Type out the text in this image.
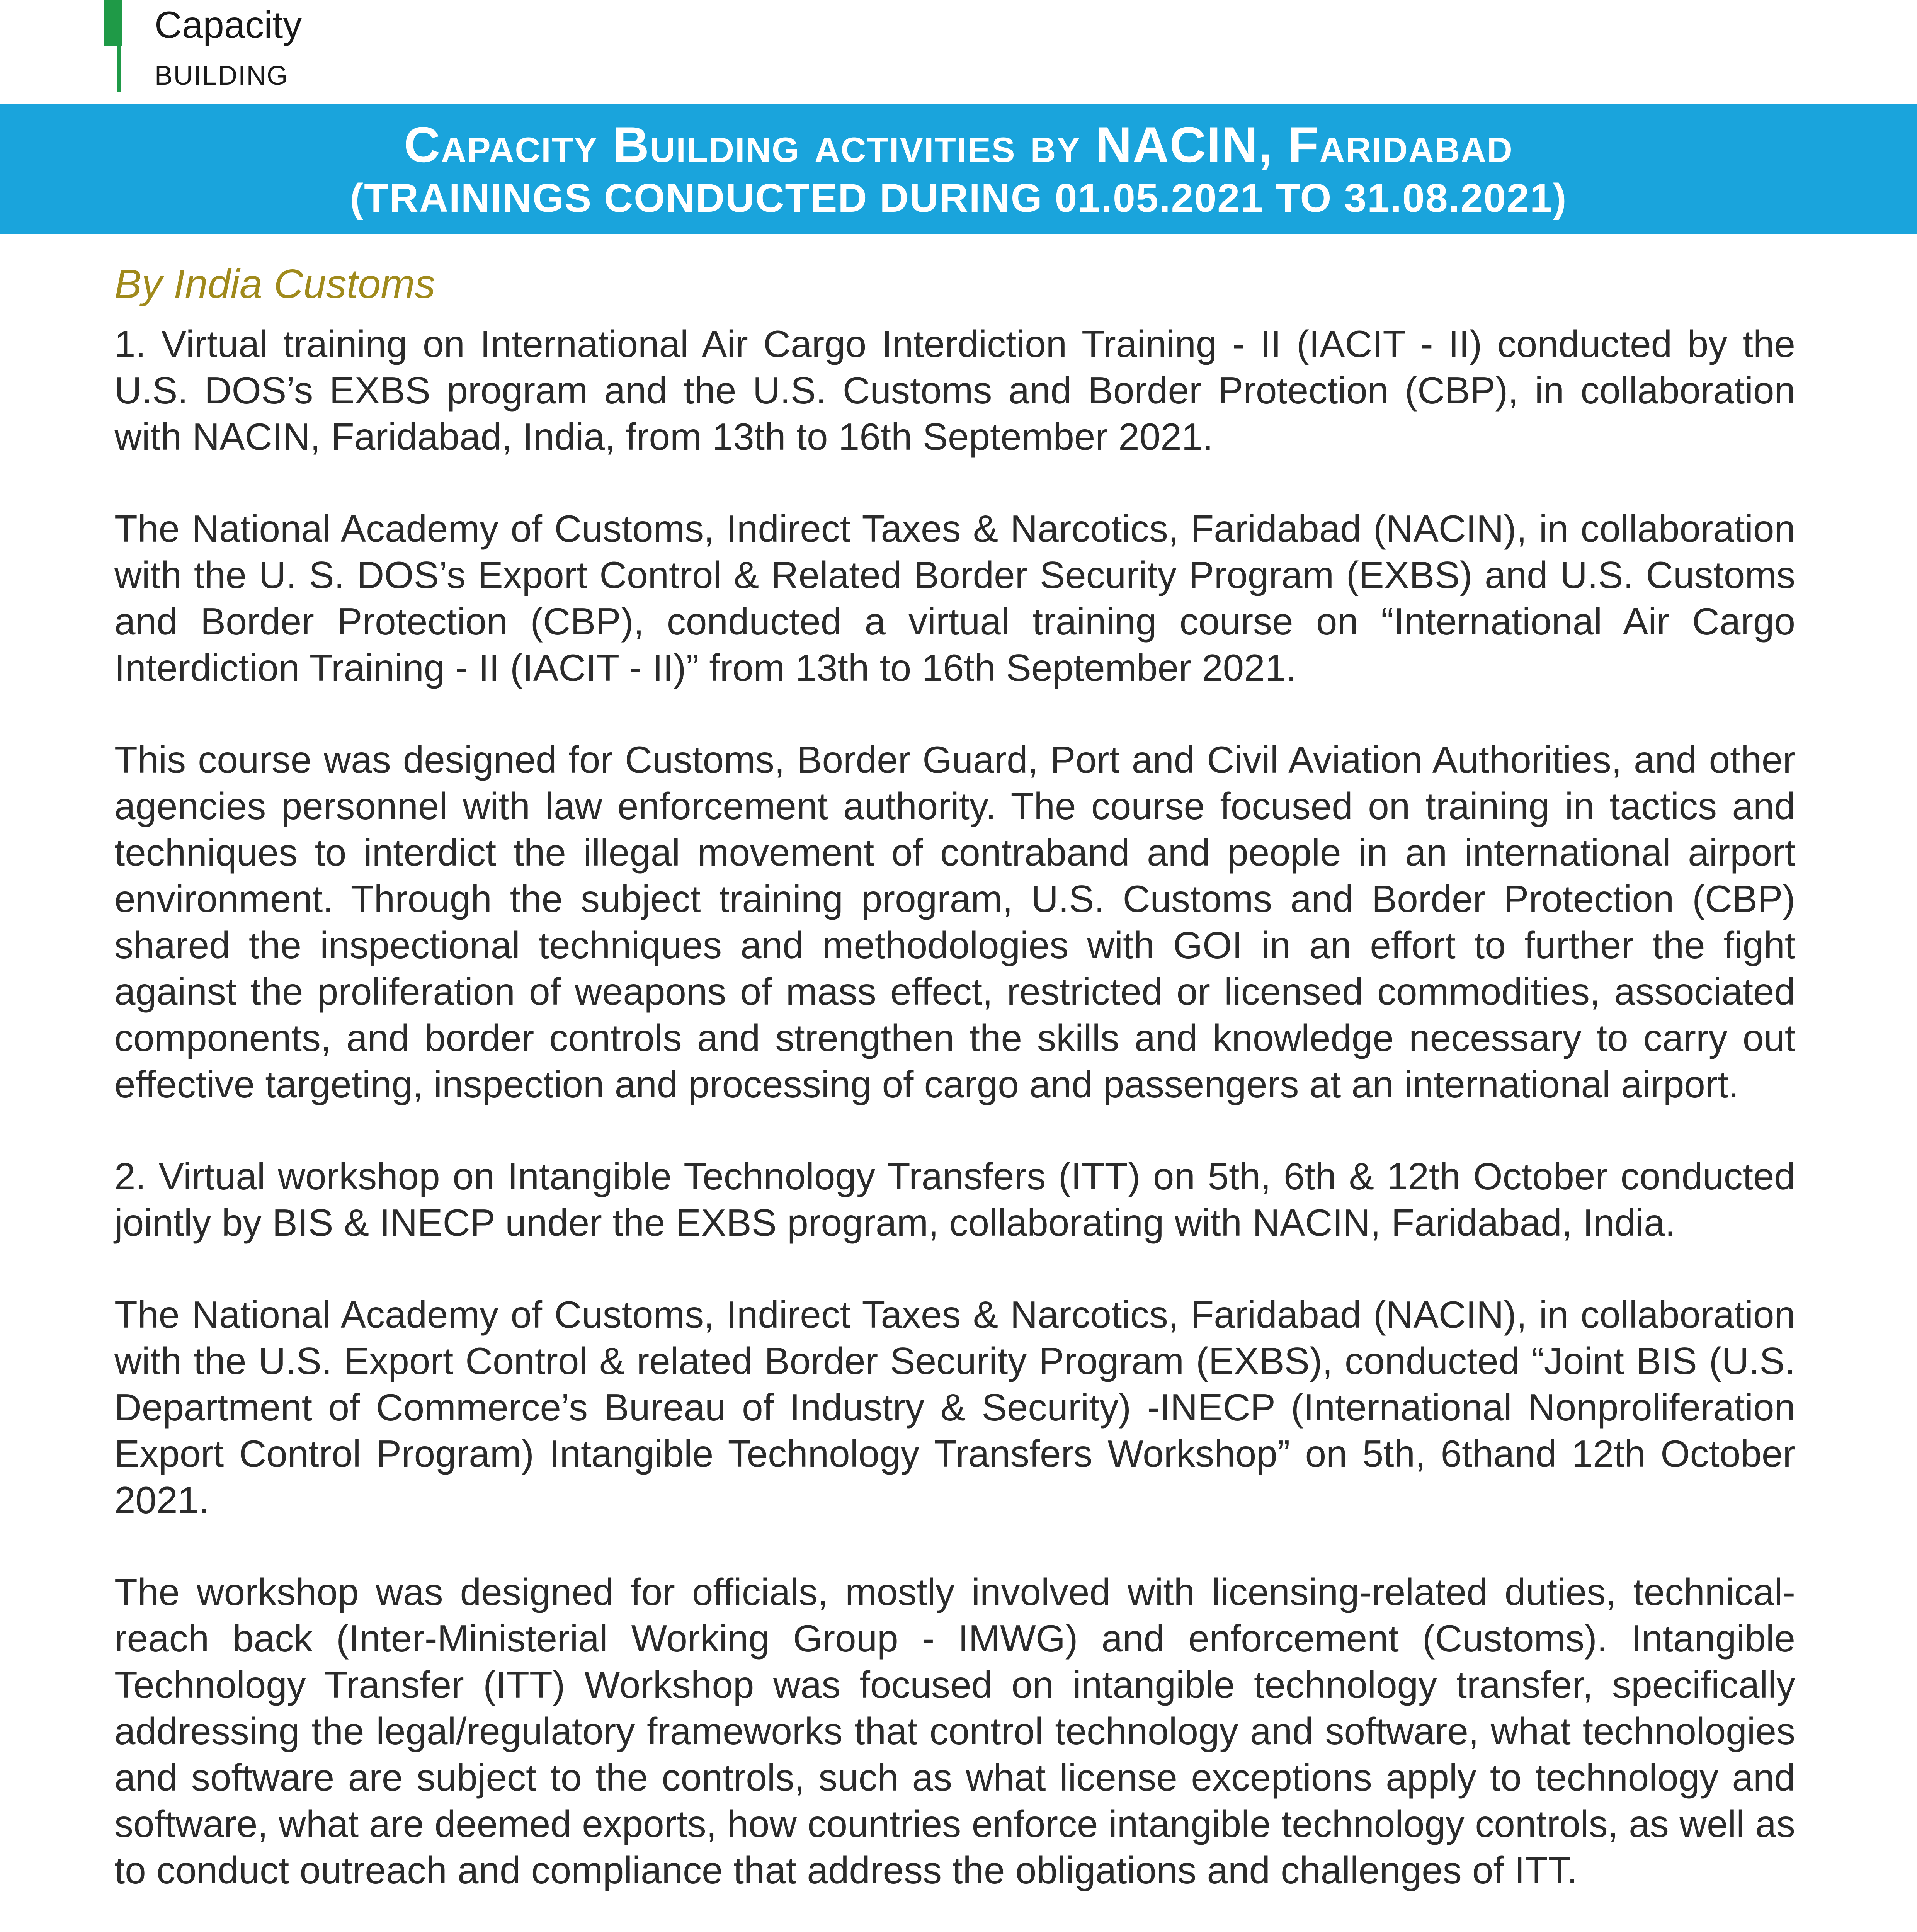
Capacity
BUILDING
Capacity Building activities by NACIN, Faridabad
(TRAININGS CONDUCTED DURING 01.05.2021 TO 31.08.2021)
By India Customs

1. Virtual training on International Air Cargo Interdiction Training - II (IACIT - II) conducted by the U.S. DOS’s EXBS program and the U.S. Customs and Border Protection (CBP), in collaboration with NACIN, Faridabad, India, from 13th to 16th September 2021.

The National Academy of Customs, Indirect Taxes & Narcotics, Faridabad (NACIN), in collaboration with the U. S. DOS’s Export Control & Related Border Security Program (EXBS) and U.S. Customs and Border Protection (CBP), conducted a virtual training course on “International Air Cargo Interdiction Training - II (IACIT - II)” from 13th to 16th September 2021.

This course was designed for Customs, Border Guard, Port and Civil Aviation Authorities, and other agencies personnel with law enforcement authority. The course focused on training in tactics and techniques to interdict the illegal movement of contraband and people in an international airport environment. Through the subject training program, U.S. Customs and Border Protection (CBP) shared the inspectional techniques and methodologies with GOI in an effort to further the fight against the proliferation of weapons of mass effect, restricted or licensed commodities, associated components, and border controls and strengthen the skills and knowledge necessary to carry out effective targeting, inspection and processing of cargo and passengers at an international airport.

2. Virtual workshop on Intangible Technology Transfers (ITT) on 5th, 6th & 12th October conducted jointly by BIS & INECP under the EXBS program, collaborating with NACIN, Faridabad, India.

The National Academy of Customs, Indirect Taxes & Narcotics, Faridabad (NACIN), in collaboration with the U.S. Export Control & related Border Security Program (EXBS), conducted “Joint BIS (U.S. Department of Commerce’s Bureau of Industry & Security) -INECP (International Nonproliferation Export Control Program) Intangible Technology Transfers Workshop” on 5th, 6thand 12th October 2021.

The workshop was designed for officials, mostly involved with licensing-related duties, technical-reach back (Inter-Ministerial Working Group - IMWG) and enforcement (Customs). Intangible Technology Transfer (ITT) Workshop was focused on intangible technology transfer, specifically addressing the legal/regulatory frameworks that control technology and software, what technologies and software are subject to the controls, such as what license exceptions apply to technology and software, what are deemed exports, how countries enforce intangible technology controls, as well as to conduct outreach and compliance that address the obligations and challenges of ITT.
